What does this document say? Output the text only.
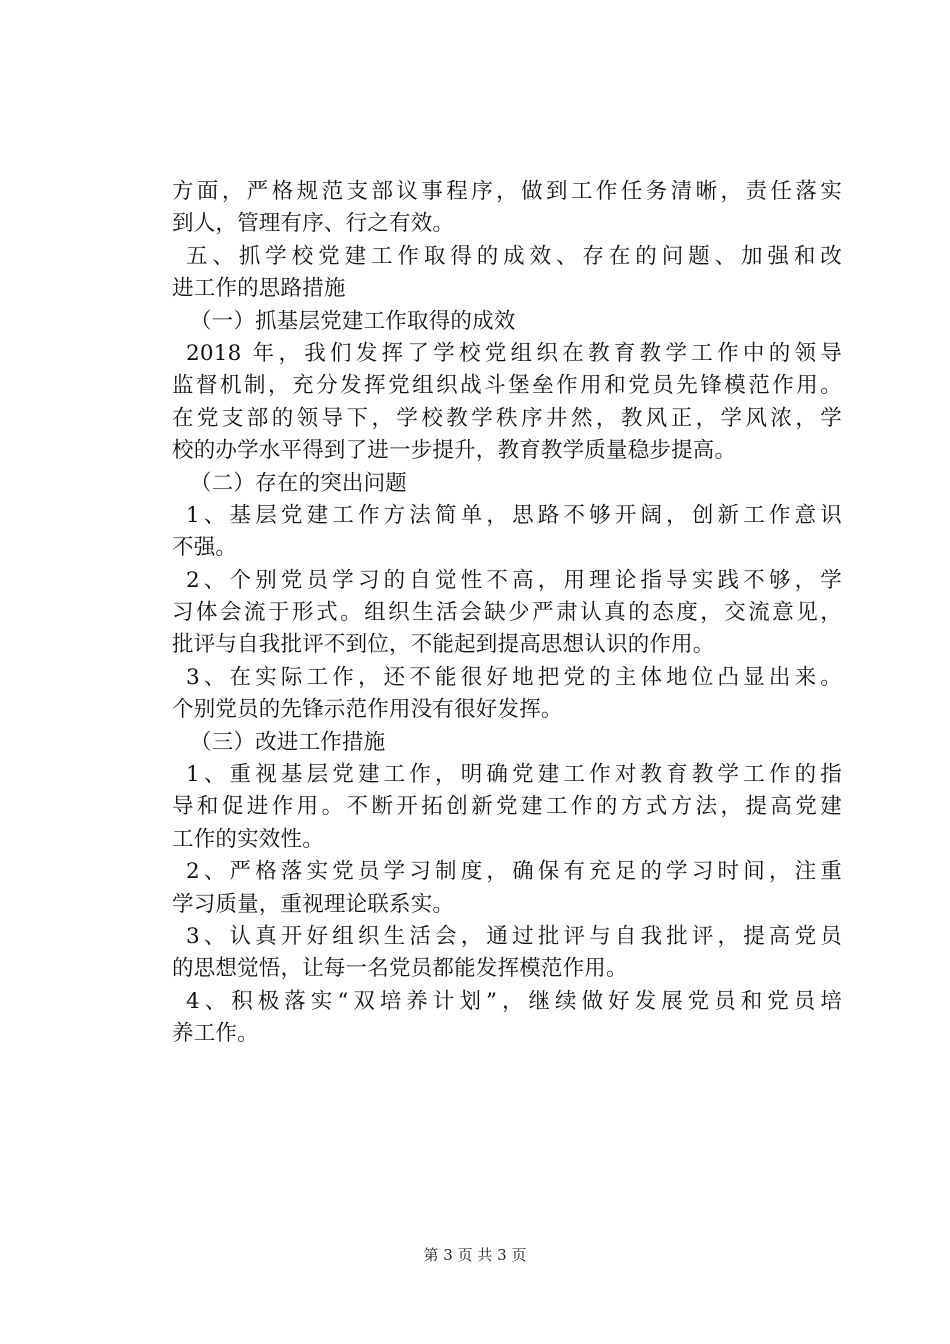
方面，严格规范支部议事程序，做到工作任务清晰，责任落实
到人，管理有序、行之有效。
五、抓学校党建工作取得的成效、存在的问题、加强和改
进工作的思路措施
（一）抓基层党建工作取得的成效
2018 年，我们发挥了学校党组织在教育教学工作中的领导
监督机制，充分发挥党组织战斗堡垒作用和党员先锋模范作用。
在党支部的领导下，学校教学秩序井然，教风正，学风浓，学
校的办学水平得到了进一步提升，教育教学质量稳步提高。
（二）存在的突出问题
1、基层党建工作方法简单，思路不够开阔，创新工作意识
不强。
2、个别党员学习的自觉性不高，用理论指导实践不够，学
习体会流于形式。组织生活会缺少严肃认真的态度，交流意见，
批评与自我批评不到位，不能起到提高思想认识的作用。
3、在实际工作，还不能很好地把党的主体地位凸显出来。
个别党员的先锋示范作用没有很好发挥。
（三）改进工作措施
1、重视基层党建工作，明确党建工作对教育教学工作的指
导和促进作用。不断开拓创新党建工作的方式方法，提高党建
工作的实效性。
2、严格落实党员学习制度，确保有充足的学习时间，注重
学习质量，重视理论联系实。
3、认真开好组织生活会，通过批评与自我批评，提高党员
的思想觉悟，让每一名党员都能发挥模范作用。
4、积极落实“双培养计划”，继续做好发展党员和党员培
养工作。
第 3 页 共 3 页
